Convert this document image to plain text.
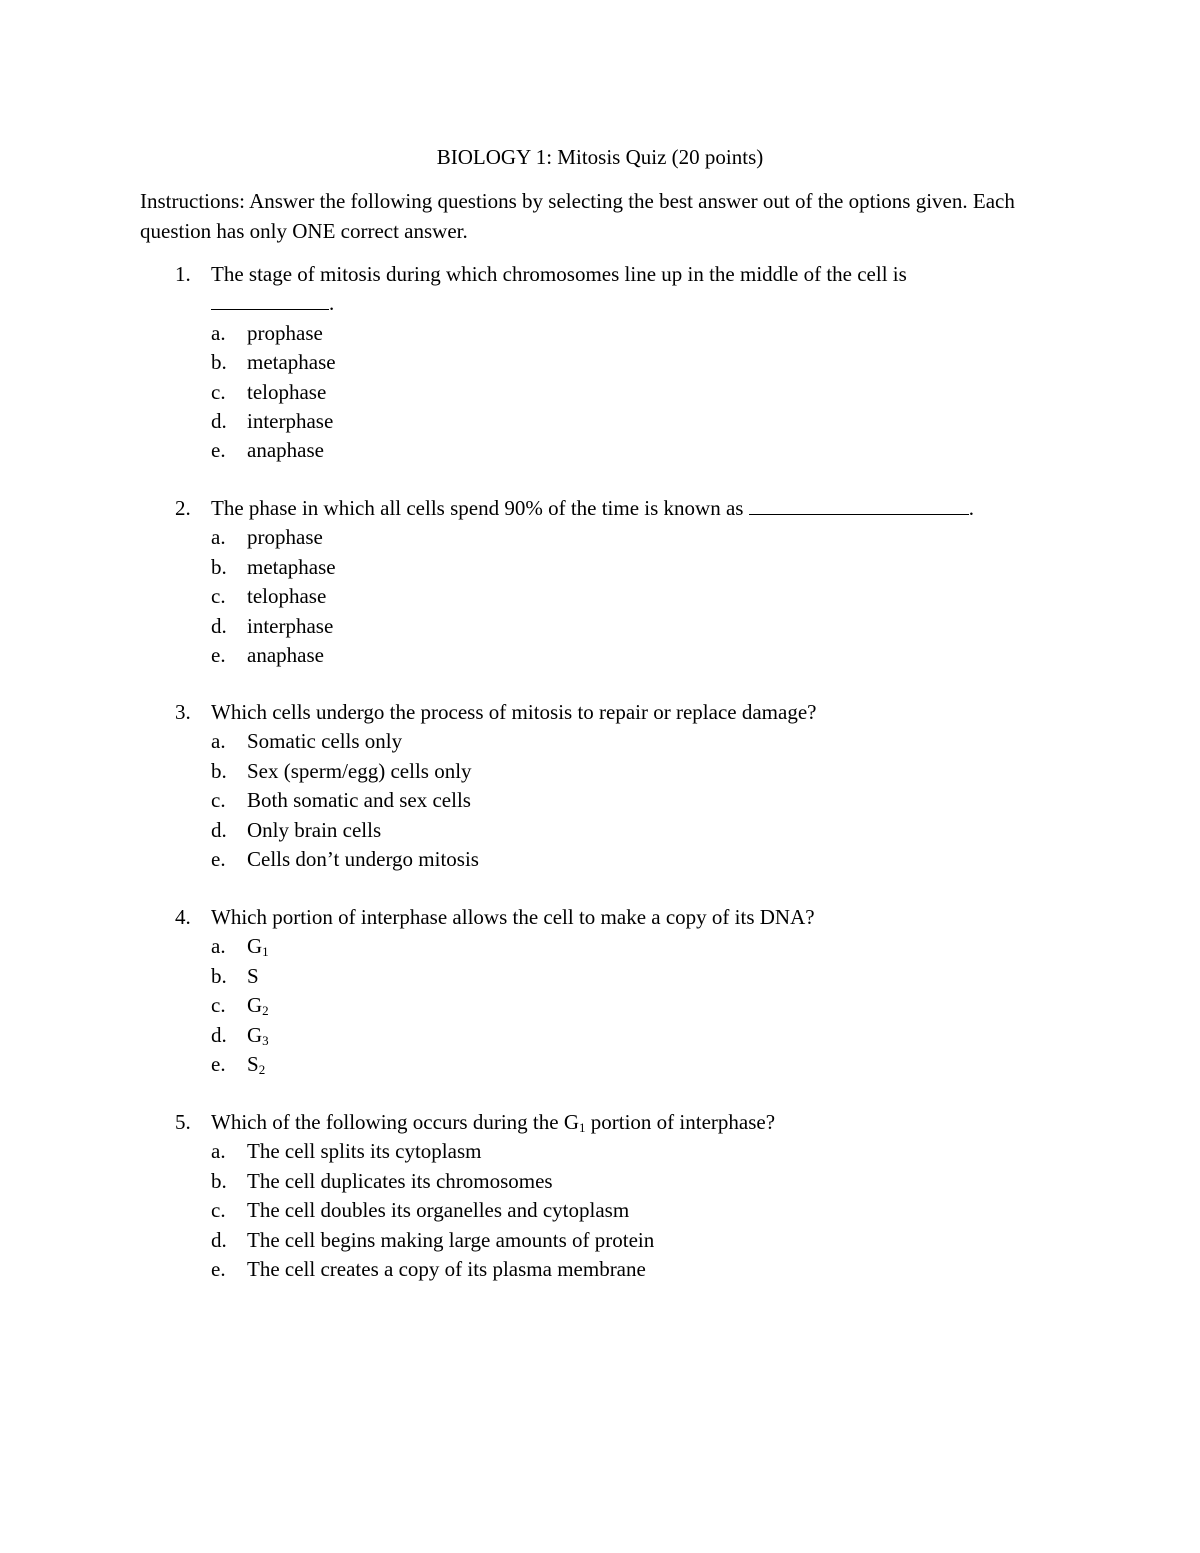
BIOLOGY 1: Mitosis Quiz (20 points)

Instructions: Answer the following questions by selecting the best answer out of the options given. Each question has only ONE correct answer.

1. The stage of mitosis during which chromosomes line up in the middle of the cell is
.
a. prophase
b. metaphase
c. telophase
d. interphase
e. anaphase
2. The phase in which all cells spend 90% of the time is known as	.
a. prophase
b. metaphase
c. telophase
d. interphase
e. anaphase
3. Which cells undergo the process of mitosis to repair or replace damage?
a. Somatic cells only
b. Sex (sperm/egg) cells only
c. Both somatic and sex cells
d. Only brain cells
e. Cells don’t undergo mitosis
4. Which portion of interphase allows the cell to make a copy of its DNA?
a. $G_1$
b. S
c. $G_2$
d. $G_3$
e. $S_2$
5. Which of the following occurs during the $G_1$ portion of interphase?
a. The cell splits its cytoplasm
b. The cell duplicates its chromosomes
c. The cell doubles its organelles and cytoplasm
d. The cell begins making large amounts of protein
e. The cell creates a copy of its plasma membrane
